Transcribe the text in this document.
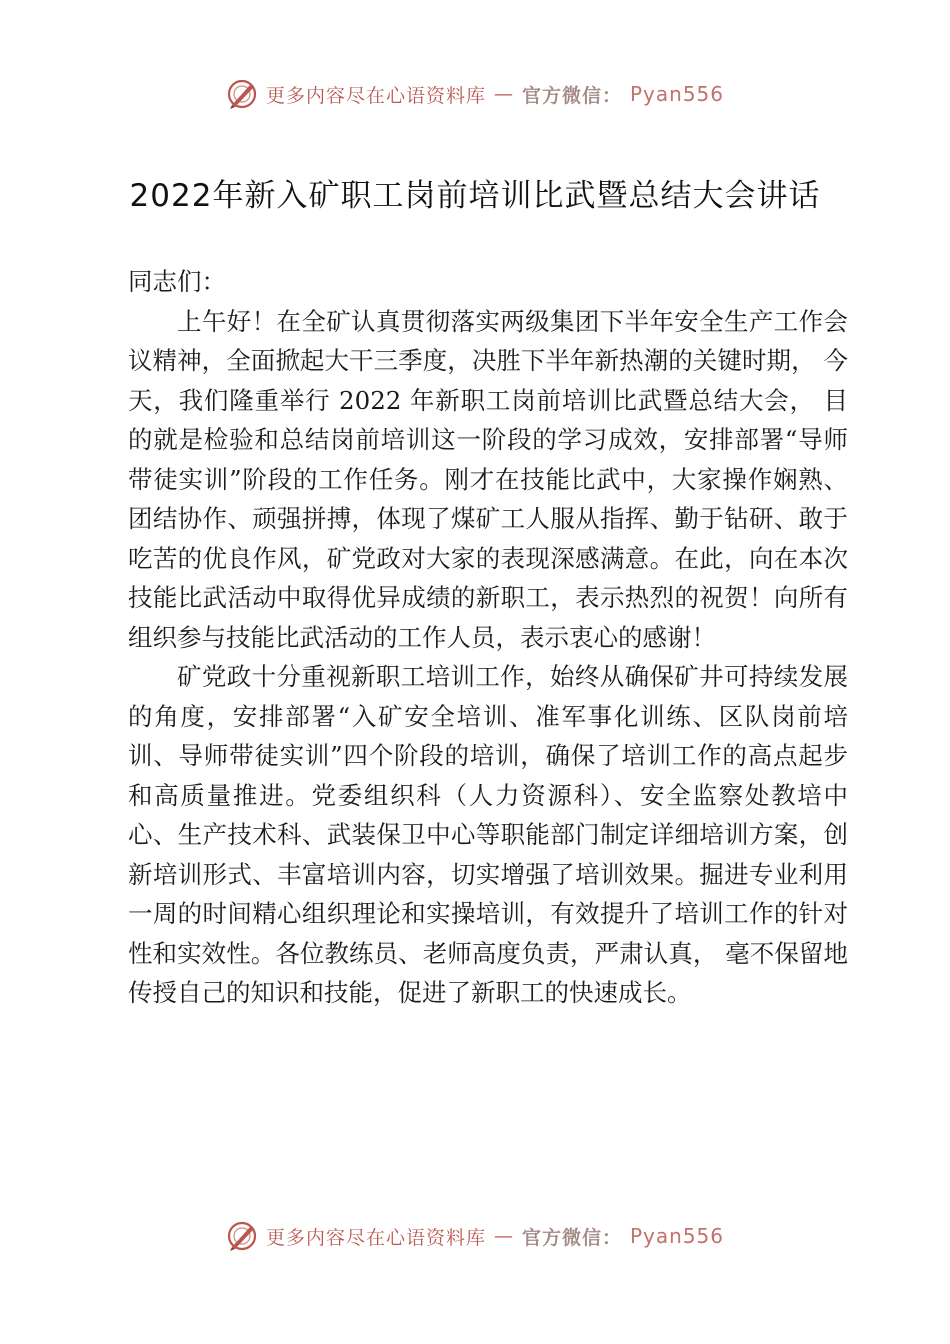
更多内容尽在心语资料库 — 官方微信： Pyan556
2022年新入矿职工岗前培训比武暨总结大会讲话

同志们：

上午好！在全矿认真贯彻落实两级集团下半年安全生产工作会议精神，全面掀起大干三季度，决胜下半年新热潮的关键时期， 今天，我们隆重举行 2022 年新职工岗前培训比武暨总结大会， 目的就是检验和总结岗前培训这一阶段的学习成效，安排部署“导师带徒实训”阶段的工作任务。刚才在技能比武中，大家操作娴熟、团结协作、顽强拼搏，体现了煤矿工人服从指挥、勤于钻研、敢于吃苦的优良作风，矿党政对大家的表现深感满意。在此，向在本次技能比武活动中取得优异成绩的新职工，表示热烈的祝贺！向所有组织参与技能比武活动的工作人员，表示衷心的感谢！

矿党政十分重视新职工培训工作，始终从确保矿井可持续发展的角度，安排部署“入矿安全培训、准军事化训练、区队岗前培训、导师带徒实训”四个阶段的培训，确保了培训工作的高点起步和高质量推进。党委组织科（人力资源科）、安全监察处教培中心、生产技术科、武装保卫中心等职能部门制定详细培训方案，创新培训形式、丰富培训内容，切实增强了培训效果。掘进专业利用一周的时间精心组织理论和实操培训，有效提升了培训工作的针对性和实效性。各位教练员、老师高度负责，严肃认真， 毫不保留地传授自己的知识和技能，促进了新职工的快速成长。

更多内容尽在心语资料库 — 官方微信： Pyan556
